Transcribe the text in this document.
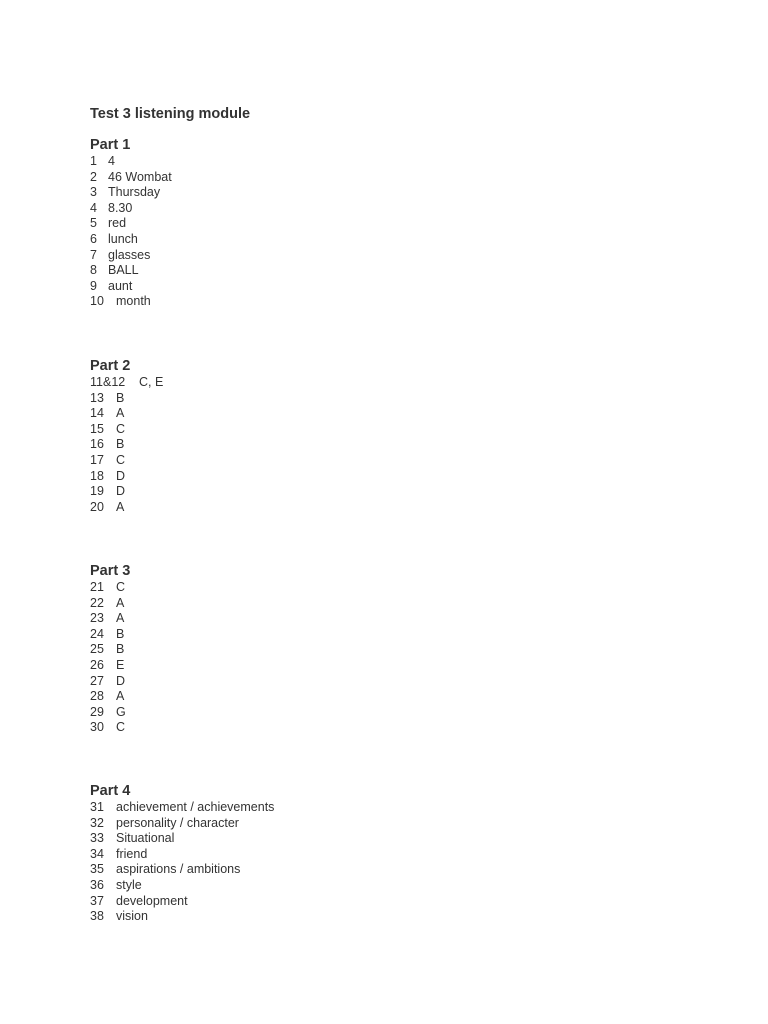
Test 3 listening module
Part 1
1 4
2 46 Wombat
3 Thursday
4 8.30
5 red
6 lunch
7 glasses
8 BALL
9 aunt
10 month
Part 2
11&12 C, E
13 B
14 A
15 C
16 B
17 C
18 D
19 D
20 A
Part 3
21 C
22 A
23 A
24 B
25 B
26 E
27 D
28 A
29 G
30 C
Part 4
31 achievement / achievements
32 personality / character
33 Situational
34 friend
35 aspirations / ambitions
36 style
37 development
38 vision
